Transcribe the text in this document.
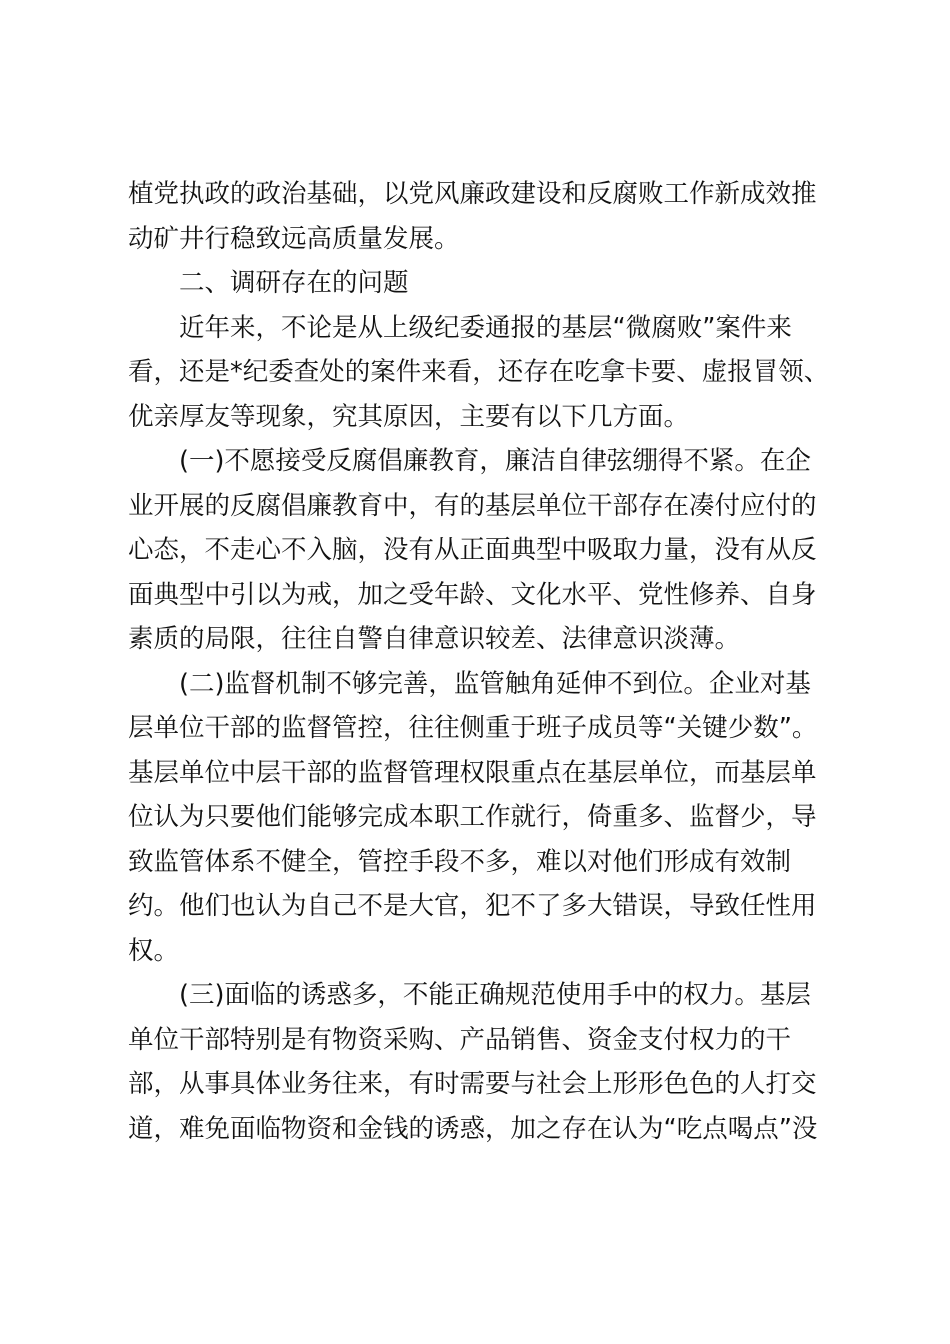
植党执政的政治基础，以党风廉政建设和反腐败工作新成效推
动矿井行稳致远高质量发展。
二、调研存在的问题
近年来，不论是从上级纪委通报的基层“微腐败”案件来
看，还是*纪委查处的案件来看，还存在吃拿卡要、虚报冒领、
优亲厚友等现象，究其原因，主要有以下几方面。
(一)不愿接受反腐倡廉教育，廉洁自律弦绷得不紧。在企
业开展的反腐倡廉教育中，有的基层单位干部存在凑付应付的
心态，不走心不入脑，没有从正面典型中吸取力量，没有从反
面典型中引以为戒，加之受年龄、文化水平、党性修养、自身
素质的局限，往往自警自律意识较差、法律意识淡薄。
(二)监督机制不够完善，监管触角延伸不到位。企业对基
层单位干部的监督管控，往往侧重于班子成员等“关键少数”。
基层单位中层干部的监督管理权限重点在基层单位，而基层单
位认为只要他们能够完成本职工作就行，倚重多、监督少，导
致监管体系不健全，管控手段不多，难以对他们形成有效制
约。他们也认为自己不是大官，犯不了多大错误，导致任性用
权。
(三)面临的诱惑多，不能正确规范使用手中的权力。基层
单位干部特别是有物资采购、产品销售、资金支付权力的干
部，从事具体业务往来，有时需要与社会上形形色色的人打交
道，难免面临物资和金钱的诱惑，加之存在认为“吃点喝点”没
